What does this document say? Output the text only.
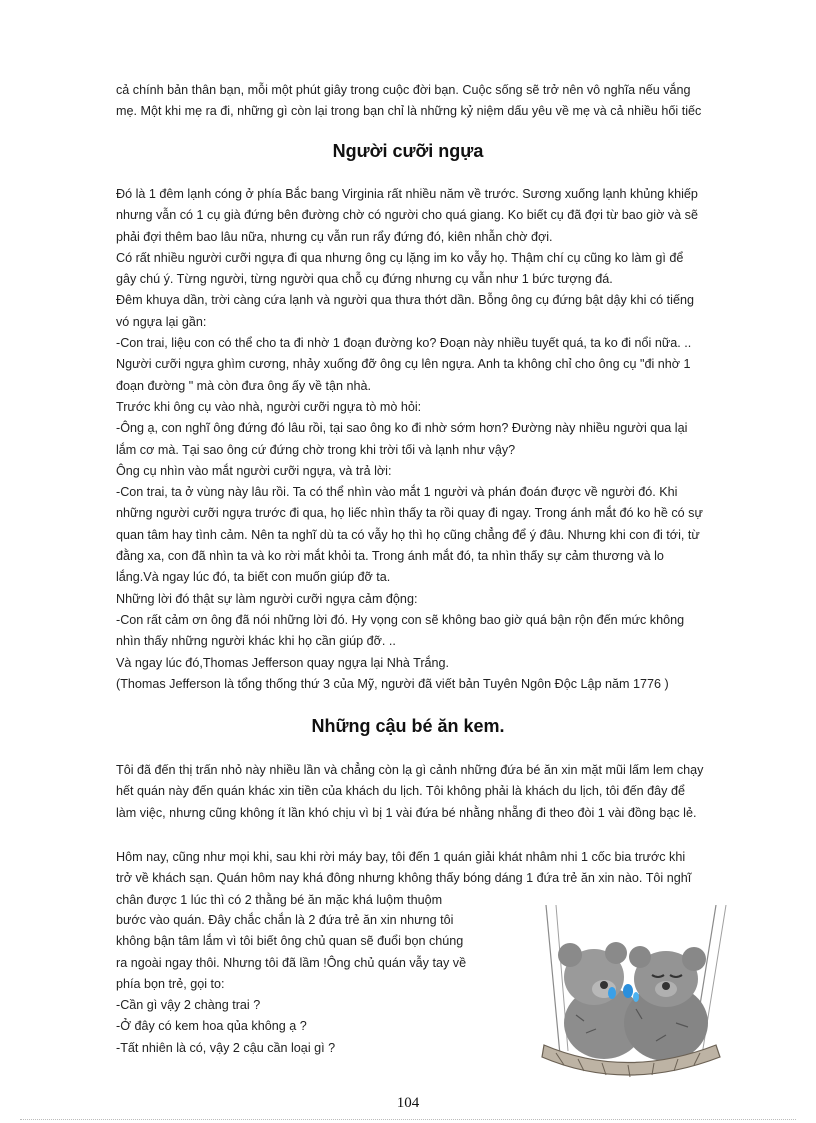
cả chính bản thân bạn, mỗi một phút giây trong cuộc đời bạn. Cuộc sống sẽ trở nên vô nghĩa nếu vắng

mẹ. Một khi mẹ ra đi, những gì còn lại trong bạn chỉ là những kỷ niệm dấu yêu về mẹ và cả nhiều hối tiếc

Người cưỡi ngựa

Đó là 1 đêm lạnh cóng ở phía Bắc bang Virginia rất nhiều năm về trước. Sương xuống lạnh khủng khiếp

nhưng vẫn có 1 cụ già đứng bên đường chờ có người cho quá giang. Ko biết cụ đã đợi từ bao giờ và sẽ

phải đợi thêm bao lâu nữa, nhưng cụ vẫn run rẩy đứng đó, kiên nhẫn chờ đợi.

Có rất nhiều người cưỡi ngựa đi qua nhưng ông cụ lặng im ko vẫy họ. Thậm chí cụ cũng ko làm gì để

gây chú ý. Từng người, từng người qua chỗ cụ đứng nhưng cụ vẫn như 1 bức tượng đá.

Đêm khuya dần, trời càng cứa lạnh và người qua thưa thớt dần. Bỗng ông cụ đứng bật dậy khi có tiếng

vó ngựa lại gần:

-Con trai, liệu con có thể cho ta đi nhờ 1 đoạn đường ko? Đoạn này nhiều tuyết quá, ta ko đi nổi nữa. ..

Người cưỡi ngựa ghìm cương, nhảy xuống đỡ ông cụ lên ngựa. Anh ta không chỉ cho ông cụ "đi nhờ 1

đoạn đường " mà còn đưa ông ấy về tận nhà.

Trước khi ông cụ vào nhà, người cưỡi ngựa tò mò hỏi:

-Ông ạ, con nghĩ ông đứng đó lâu rồi, tại sao ông ko đi nhờ sớm hơn? Đường này nhiều người qua lại

lắm cơ mà. Tại sao ông cứ đứng chờ trong khi trời tối và lạnh như vậy?

Ông cụ nhìn vào mắt người cưỡi ngựa, và trả lời:

-Con trai, ta ở vùng này lâu rồi. Ta có thể nhìn vào mắt 1 người và phán đoán được về người đó. Khi

những người cưỡi ngựa trước đi qua, họ liếc nhìn thấy ta rồi quay đi ngay. Trong ánh mắt đó ko hề có sự

quan tâm hay tình cảm. Nên ta nghĩ dù ta có vẫy họ thì họ cũng chẳng để ý đâu. Nhưng khi con đi tới, từ

đằng xa, con đã nhìn ta và ko rời mắt khỏi ta. Trong ánh mắt đó, ta nhìn thấy sự cảm thương và lo

lắng.Và ngay lúc đó, ta biết con muốn giúp đỡ ta.

Những lời đó thật sự làm người cưỡi ngựa cảm động:

-Con rất cảm ơn ông đã nói những lời đó. Hy vọng con sẽ không bao giờ quá bận rộn đến mức không

nhìn thấy những người khác khi họ cần giúp đỡ. ..

Và ngay lúc đó,Thomas Jefferson quay ngựa lại Nhà Trắng.

(Thomas Jefferson là tổng thống thứ 3 của Mỹ, người đã viết bản Tuyên Ngôn Độc Lập năm 1776 )

Những cậu bé ăn kem.

Tôi đã đến thị trấn nhỏ này nhiều lần và chẳng còn lạ gì cảnh những đứa bé ăn xin mặt mũi lấm lem chạy

hết quán này đến quán khác xin tiền của khách du lịch. Tôi không phải là khách du lịch, tôi đến đây để

làm việc, nhưng cũng không ít lần khó chịu vì bị 1 vài đứa bé nhằng nhẵng đi theo đòi 1 vài đồng bạc lẻ.

Hôm nay, cũng như mọi khi, sau khi rời máy bay, tôi đến 1 quán giải khát nhâm nhi 1 cốc bia trước khi

trở về khách sạn. Quán hôm nay khá đông nhưng không thấy bóng dáng 1 đứa trẻ ăn xin nào. Tôi nghĩ

chân được 1 lúc thì có 2 thằng bé ăn mặc khá luộm thuộm

bước vào quán. Đây chắc chắn là 2 đứa trẻ ăn xin nhưng tôi

không bận tâm lắm vì tôi biết ông chủ quan sẽ đuổi bọn chúng

ra ngoài ngay thôi. Nhưng tôi đã lầm !Ông chủ quán vẫy tay về

phía bọn trẻ, gọi to:

-Cần gì vậy 2 chàng trai ?

-Ở đây có kem hoa qủa không ạ ?

-Tất nhiên là có, vậy 2 cậu cần loại gì ?

104
